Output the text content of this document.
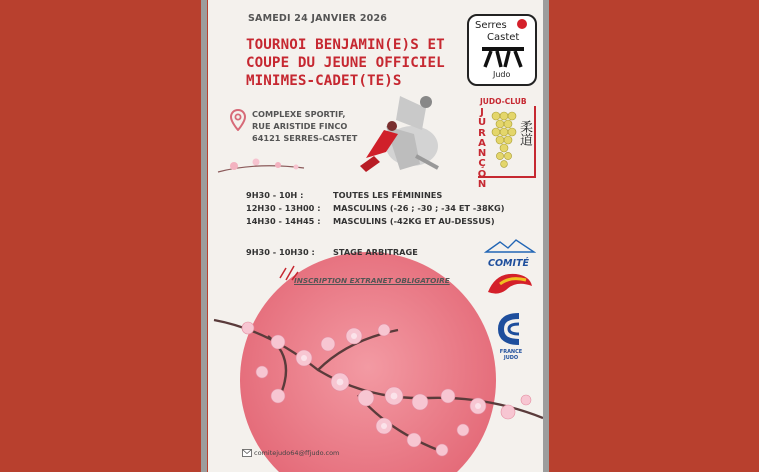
SAMEDI 24 JANVIER 2026
TOURNOI BENJAMIN(E)S ET
COUPE DU JEUNE OFFICIEL
MINIMES-CADET(TE)S
COMPLEXE SPORTIF,
RUE ARISTIDE FINCO
64121 SERRES-CASTET
9H30 - 10H :	TOUTES LES FÉMININES
12H30 - 13H00 : MASCULINS (-26 ; -30 ; -34 ET -38KG)
14H30 - 14H45 : MASCULINS (-42KG ET AU-DESSUS)
9H30 - 10H30 : STAGE ARBITRAGE
INSCRIPTION EXTRANET OBLIGATOIRE
Serres
Castet
Judo
JUDO-CLUB
J
U
R
A
N
Ç
O
N
柔道
COMITÉ
FRANCE
JUDO
comitejudo64@ffjudo.com
